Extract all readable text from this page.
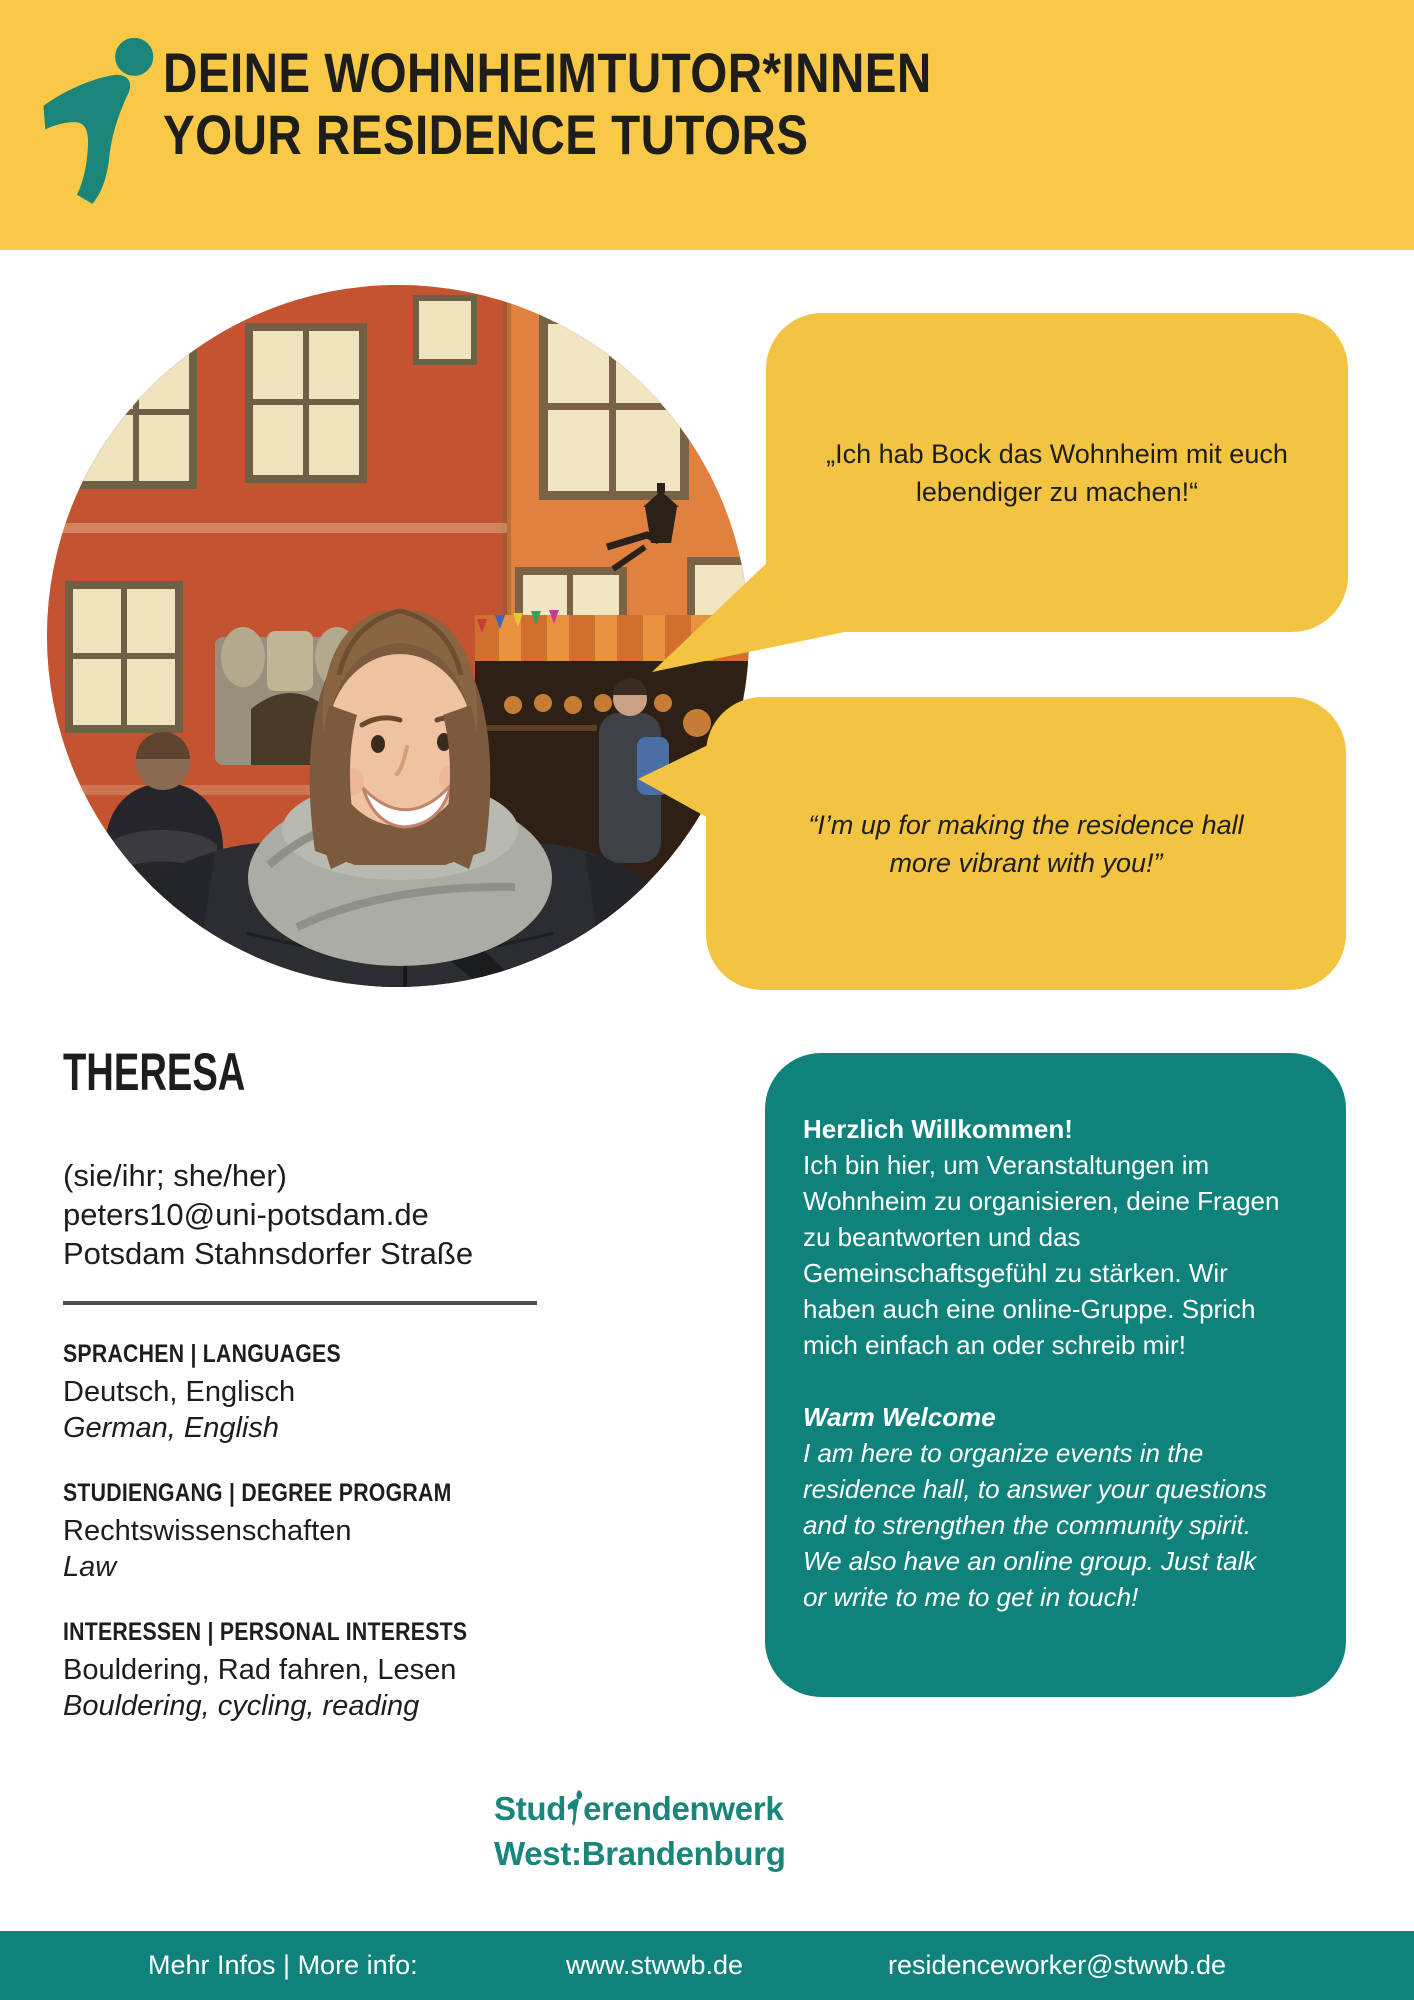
DEINE WOHNHEIMTUTOR*INNEN
YOUR RESIDENCE TUTORS
„Ich hab Bock das Wohnheim mit euch
lebendiger zu machen!“
“I’m up for making the residence hall
more vibrant with you!”
THERESA
(sie/ihr; she/her)
peters10@uni-potsdam.de
Potsdam Stahnsdorfer Straße
SPRACHEN | LANGUAGES
Deutsch, Englisch
German, English
STUDIENGANG | DEGREE PROGRAM
Rechtswissenschaften
Law
INTERESSEN | PERSONAL INTERESTS
Bouldering, Rad fahren, Lesen
Bouldering, cycling, reading
Herzlich Willkommen!
Ich bin hier, um Veranstaltungen im Wohnheim zu organisieren, deine Fragen zu beantworten und das Gemeinschaftsgefühl zu stärken. Wir haben auch eine online-Gruppe. Sprich mich einfach an oder schreib mir!
Warm Welcome
I am here to organize events in the residence hall, to answer your questions and to strengthen the community spirit. We also have an online group. Just talk or write to me to get in touch!
Stud erendenwerk
West:Brandenburg
Mehr Infos | More info:	www.stwwb.de	residenceworker@stwwb.de
